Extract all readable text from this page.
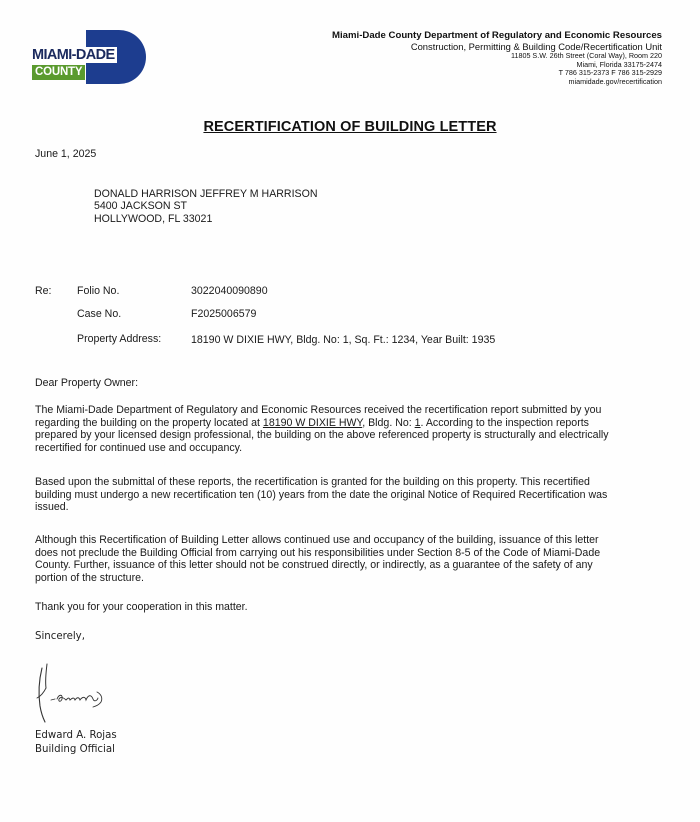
MIAMI-DADE
COUNTY
Miami-Dade County Department of Regulatory and Economic Resources
Construction, Permitting & Building Code/Recertification Unit
11805 S.W. 26th Street (Coral Way), Room 220
Miami, Florida 33175-2474
T 786 315-2373 F 786 315-2929
miamidade.gov/recertification
RECERTIFICATION OF BUILDING LETTER
June 1, 2025
DONALD HARRISON JEFFREY M HARRISON
5400 JACKSON ST
HOLLYWOOD, FL 33021
Re: Folio No.	3022040090890
Case No.	F2025006579
Property Address:	18190 W DIXIE HWY, Bldg. No: 1, Sq. Ft.: 1234, Year Built: 1935
Dear Property Owner:
The Miami-Dade Department of Regulatory and Economic Resources received the recertification report submitted by you
regarding the building on the property located at 18190 W DIXIE HWY, Bldg. No: 1. According to the inspection reports
prepared by your licensed design professional, the building on the above referenced property is structurally and electrically
recertified for continued use and occupancy.
Based upon the submittal of these reports, the recertification is granted for the building on this property. This recertified
building must undergo a new recertification ten (10) years from the date the original Notice of Required Recertification was
issued.
Although this Recertification of Building Letter allows continued use and occupancy of the building, issuance of this letter
does not preclude the Building Official from carrying out his responsibilities under Section 8-5 of the Code of Miami-Dade
County. Further, issuance of this letter should not be construed directly, or indirectly, as a guarantee of the safety of any
portion of the structure.
Thank you for your cooperation in this matter.
Sincerely,
Edward A. Rojas
Building Official
